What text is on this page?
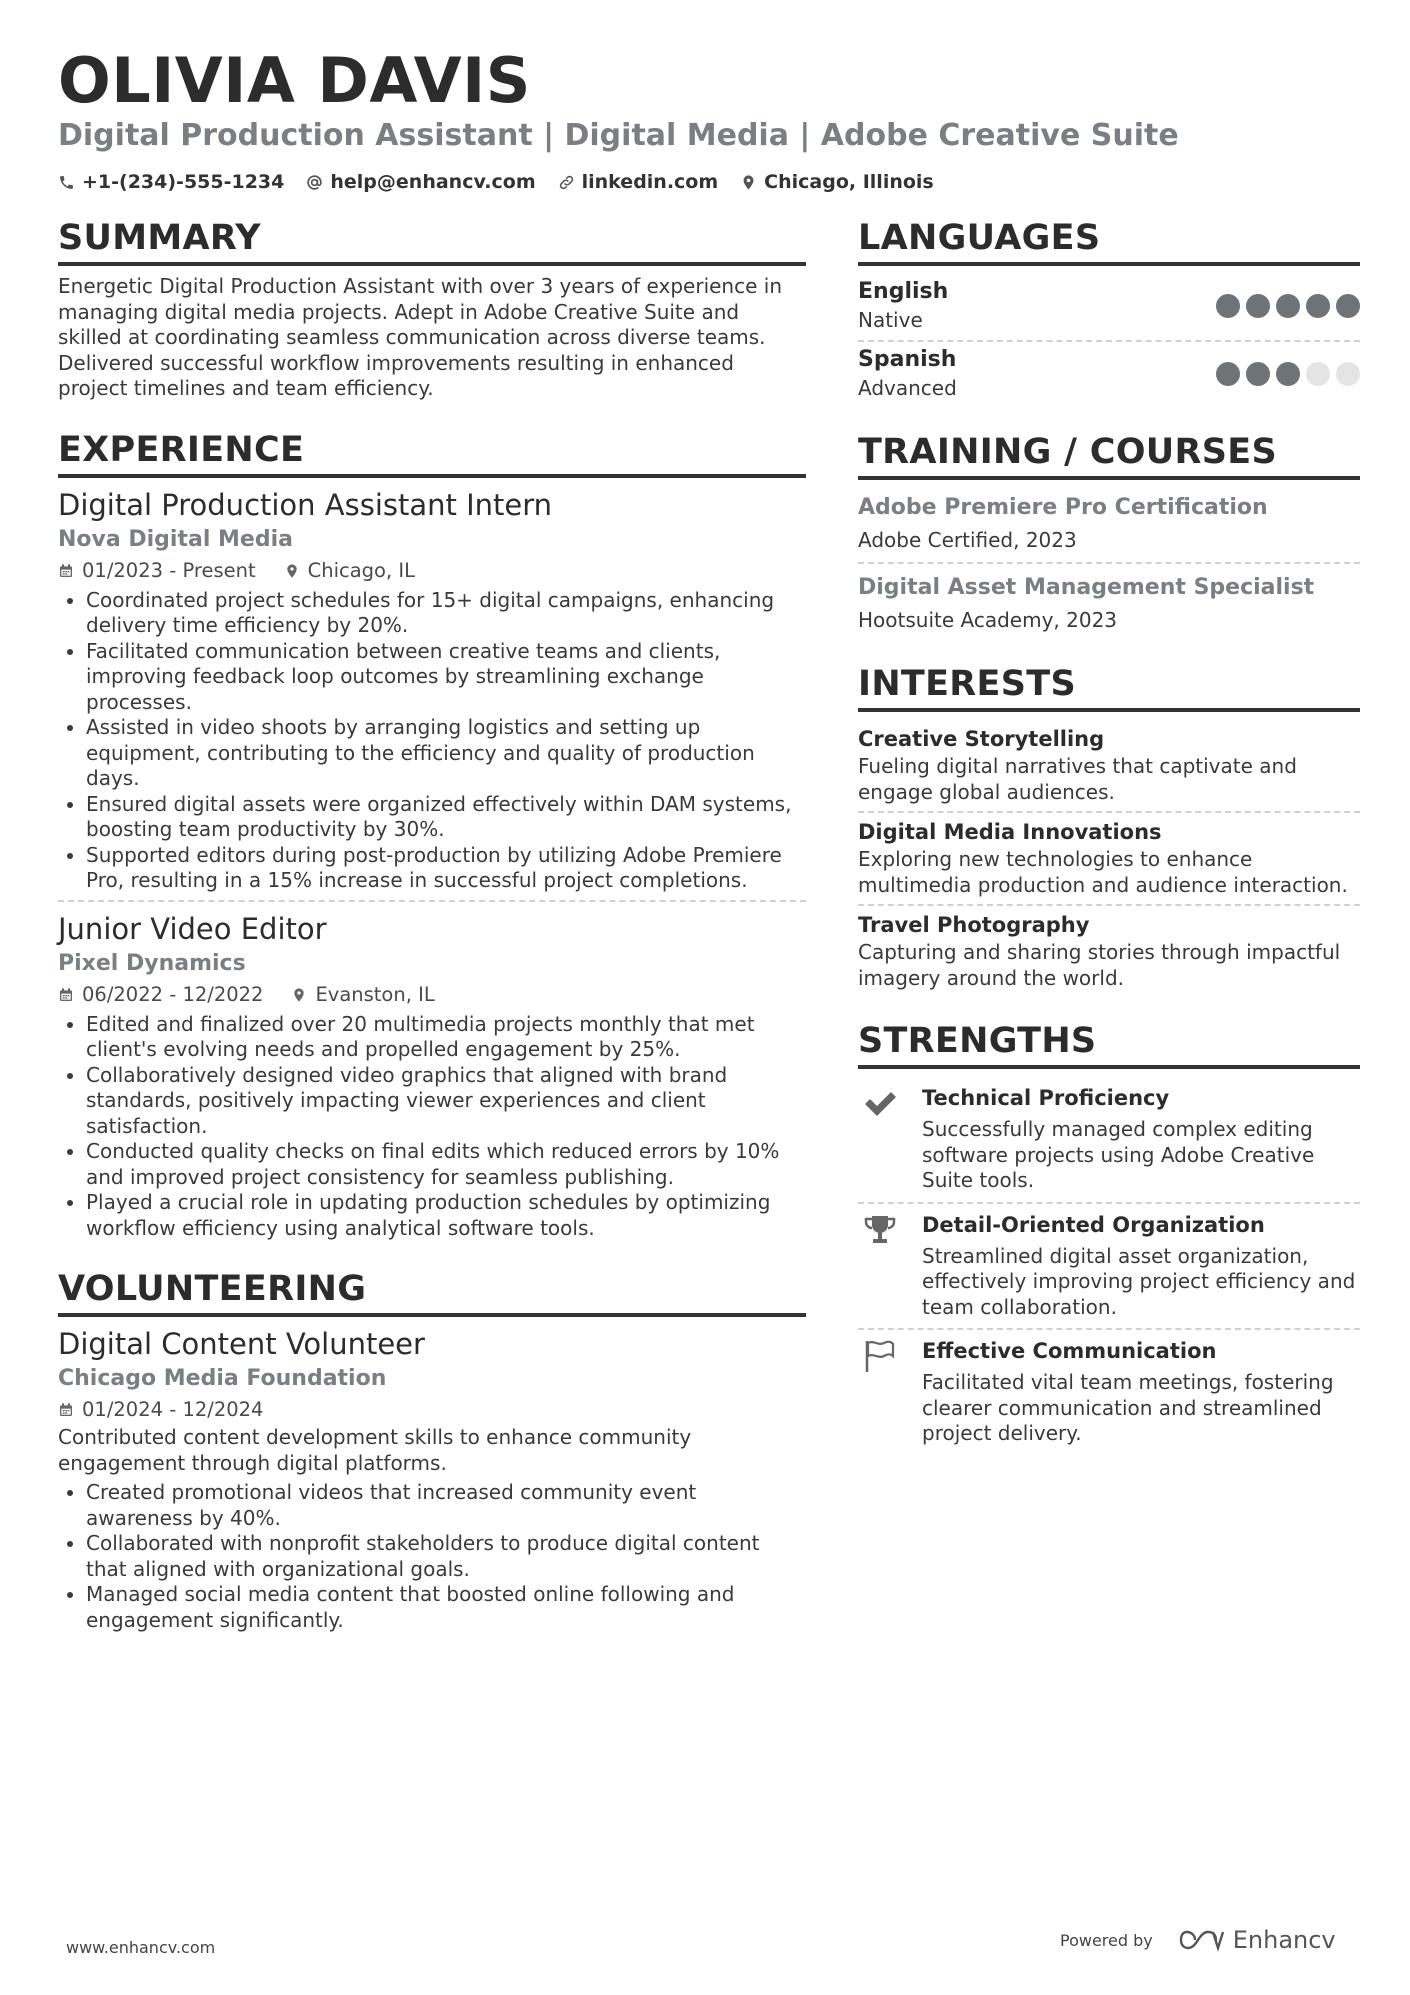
OLIVIA DAVIS
Digital Production Assistant | Digital Media | Adobe Creative Suite
+1-(234)-555-1234 help@enhancv.com linkedin.com Chicago, Illinois
SUMMARY
Energetic Digital Production Assistant with over 3 years of experience in managing digital media projects. Adept in Adobe Creative Suite and skilled at coordinating seamless communication across diverse teams. Delivered successful workflow improvements resulting in enhanced project timelines and team efficiency.
EXPERIENCE
Digital Production Assistant Intern
Nova Digital Media
01/2023 - Present	Chicago, IL
• Coordinated project schedules for 15+ digital campaigns, enhancing delivery time efficiency by 20%.
• Facilitated communication between creative teams and clients, improving feedback loop outcomes by streamlining exchange processes.
• Assisted in video shoots by arranging logistics and setting up equipment, contributing to the efficiency and quality of production days.
• Ensured digital assets were organized effectively within DAM systems, boosting team productivity by 30%.
• Supported editors during post-production by utilizing Adobe Premiere Pro, resulting in a 15% increase in successful project completions.
Junior Video Editor
Pixel Dynamics
06/2022 - 12/2022	Evanston, IL
• Edited and finalized over 20 multimedia projects monthly that met client's evolving needs and propelled engagement by 25%.
• Collaboratively designed video graphics that aligned with brand standards, positively impacting viewer experiences and client satisfaction.
• Conducted quality checks on final edits which reduced errors by 10% and improved project consistency for seamless publishing.
• Played a crucial role in updating production schedules by optimizing workflow efficiency using analytical software tools.
VOLUNTEERING
Digital Content Volunteer
Chicago Media Foundation
01/2024 - 12/2024
Contributed content development skills to enhance community engagement through digital platforms.
• Created promotional videos that increased community event awareness by 40%.
• Collaborated with nonprofit stakeholders to produce digital content that aligned with organizational goals.
• Managed social media content that boosted online following and engagement significantly.
LANGUAGES
English
Native
Spanish
Advanced
TRAINING / COURSES
Adobe Premiere Pro Certification
Adobe Certified, 2023
Digital Asset Management Specialist
Hootsuite Academy, 2023
INTERESTS
Creative Storytelling
Fueling digital narratives that captivate and engage global audiences.
Digital Media Innovations
Exploring new technologies to enhance multimedia production and audience interaction.
Travel Photography
Capturing and sharing stories through impactful imagery around the world.
STRENGTHS
Technical Proficiency
Successfully managed complex editing software projects using Adobe Creative Suite tools.
Detail-Oriented Organization
Streamlined digital asset organization, effectively improving project efficiency and team collaboration.
Effective Communication
Facilitated vital team meetings, fostering clearer communication and streamlined project delivery.
www.enhancv.com	Powered by	Enhancv
